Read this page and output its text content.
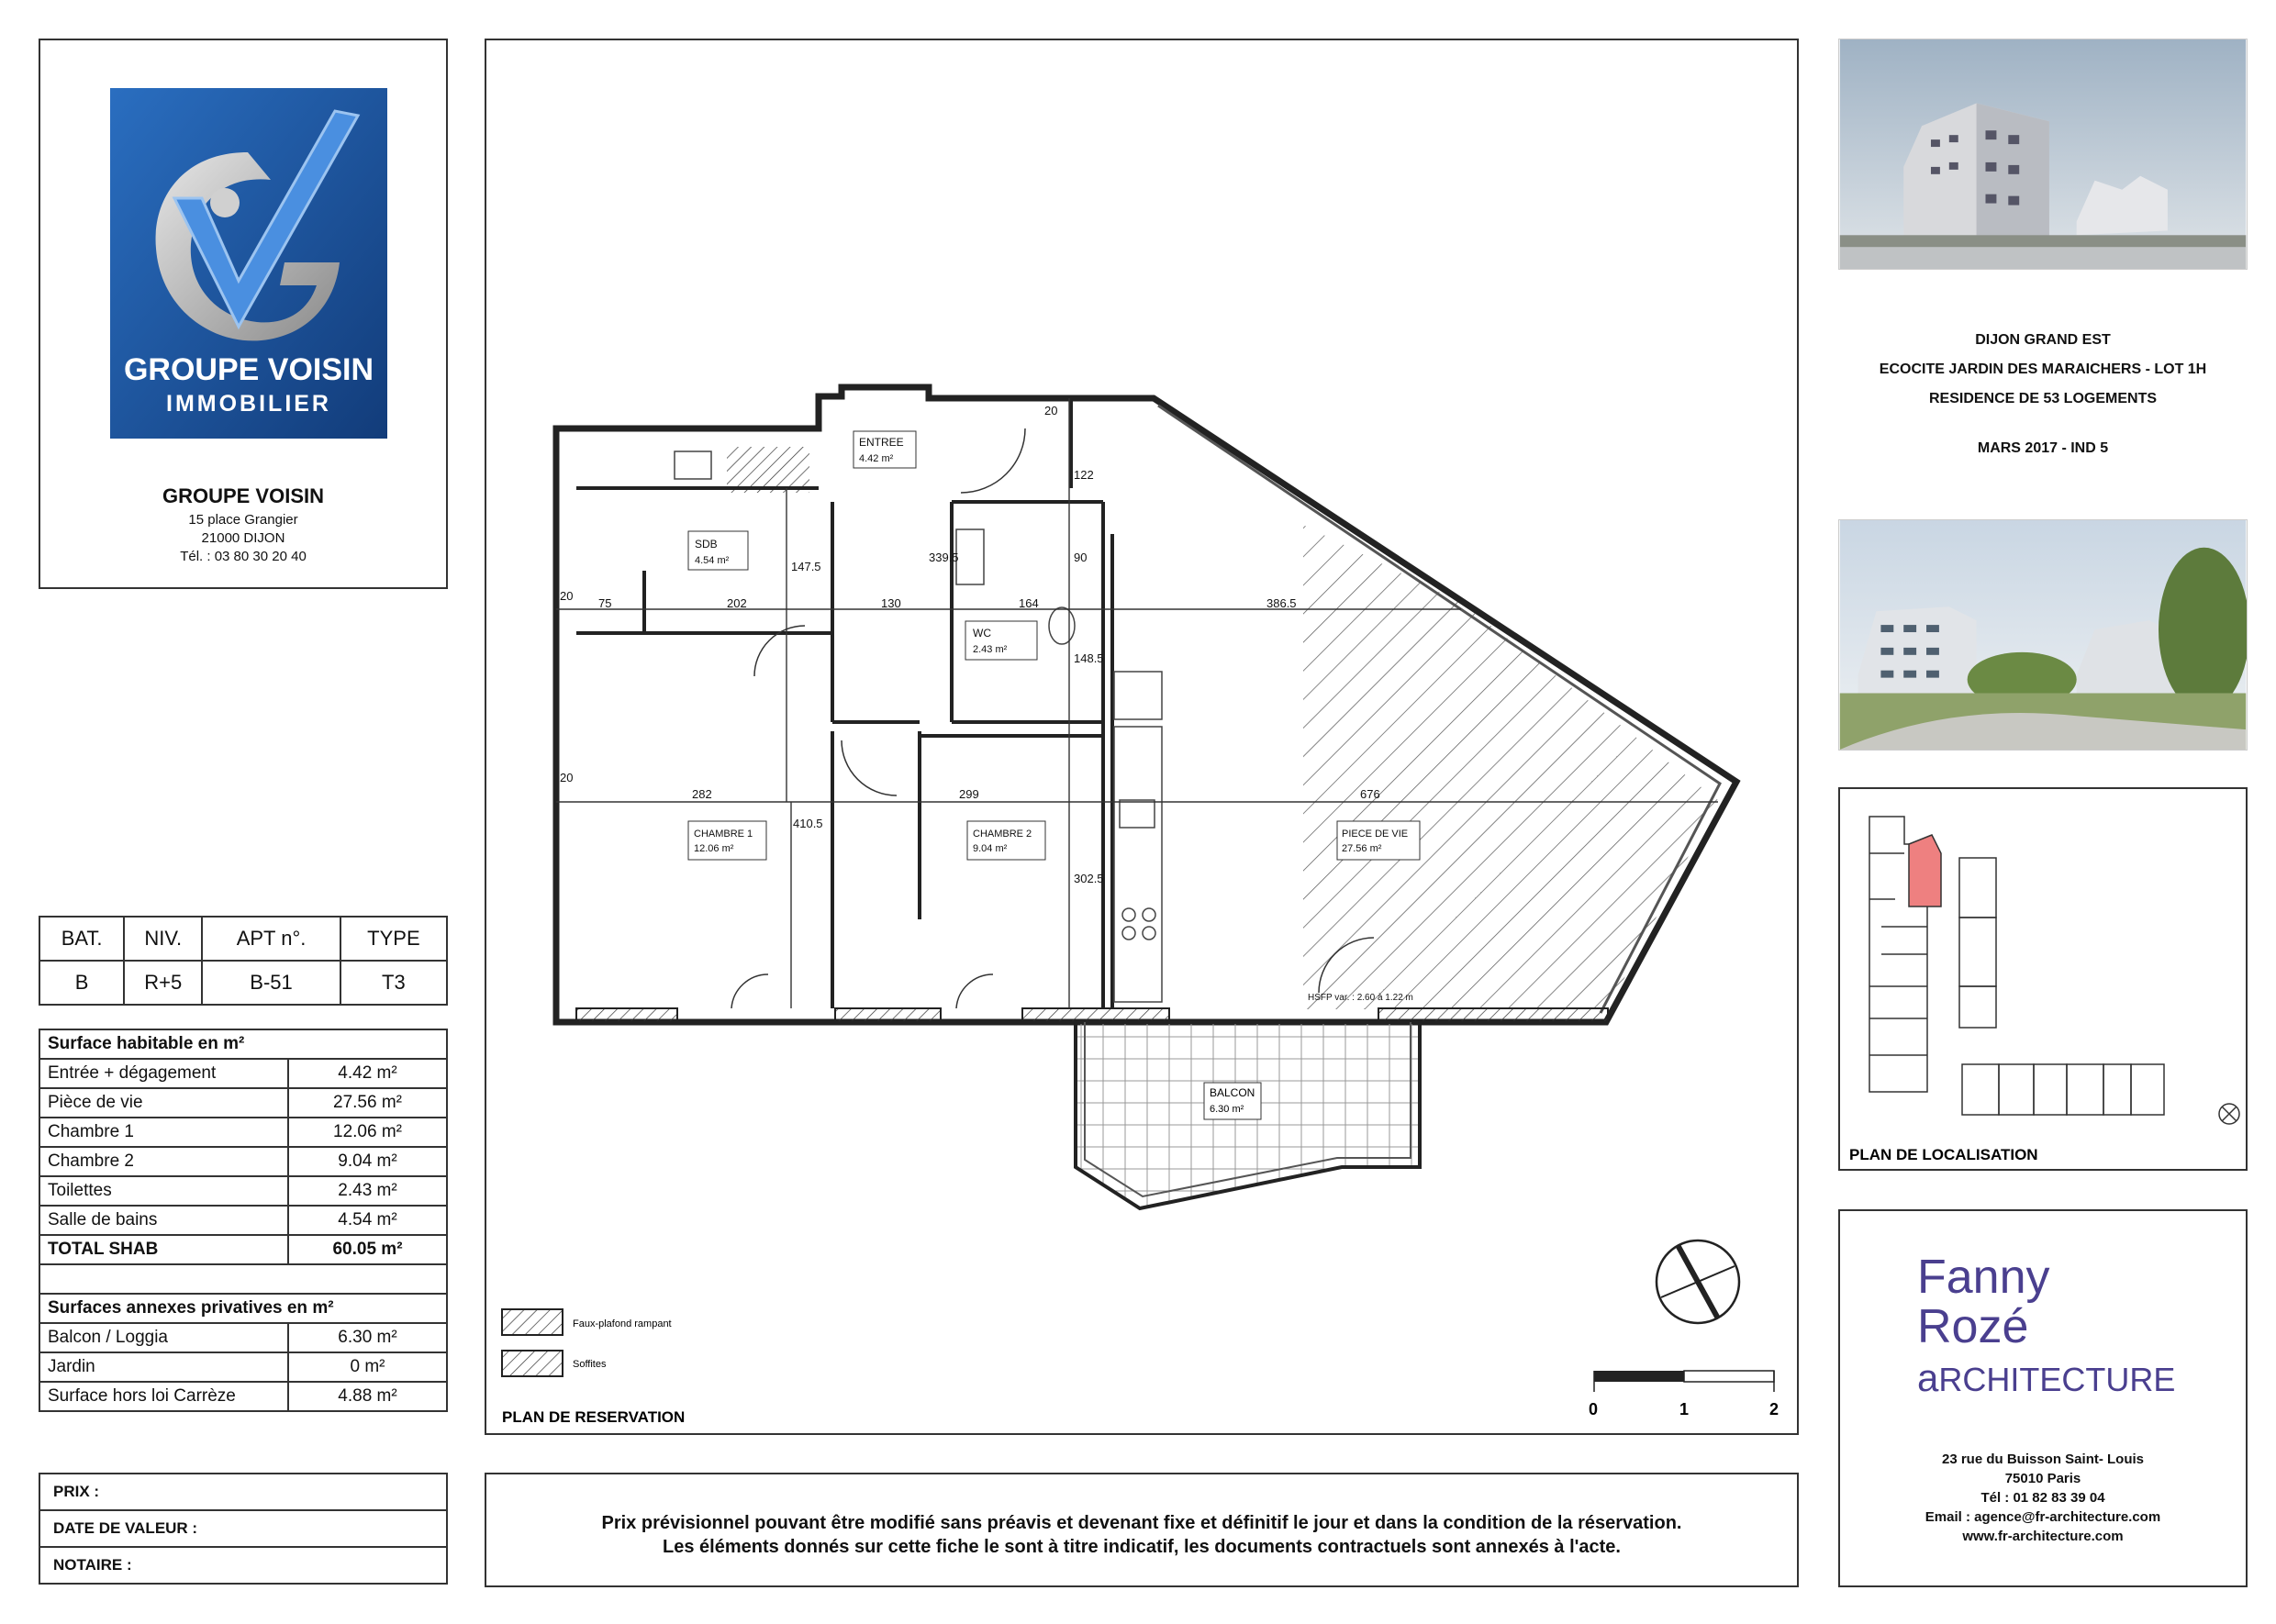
GROUPE VOISIN
IMMOBILIER
GROUPE VOISIN
15 place Grangier
21000 DIJON
Tél. : 03 80 30 20 40
BAT.	NIV.	APT n°.	TYPE
B	R+5	B-51	T3
Surface habitable en m²	
Entrée + dégagement	4.42 m²
Pièce de vie	27.56 m²
Chambre 1	12.06 m²
Chambre 2	9.04 m²
Toilettes	2.43 m²
Salle de bains	4.54 m²
TOTAL SHAB	60.05 m²

Surfaces annexes privatives en m²	
Balcon / Loggia	6.30 m²
Jardin	0 m²
Surface hors loi Carrèze	4.88 m²
PRIX :
DATE DE VALEUR :
NOTAIRE :
75	202	130	164	386.5
282	299	676
20
20
20
122
147.5
339.5	90
148.5
410.5
302.5
ENTREE
4.42 m²
SDB
4.54 m²
WC
2.43 m²
CHAMBRE 1
12.06 m²
CHAMBRE 2
9.04 m²
PIECE DE VIE
27.56 m²
HSFP var. : 2.60 à 1.22 m
BALCON
6.30 m²
Faux-plafond rampant
Soffites
0	1	2
PLAN DE RESERVATION
Prix prévisionnel pouvant être modifié sans préavis et devenant fixe et définitif le jour et dans la condition de la réservation.
Les éléments donnés sur cette fiche le sont à titre indicatif, les documents contractuels sont annexés à l'acte.
DIJON GRAND EST
ECOCITE JARDIN DES MARAICHERS - LOT 1H
RESIDENCE DE 53 LOGEMENTS
MARS 2017 - IND 5
PLAN DE LOCALISATION
Fanny
Rozé
aRCHITECTURE
23 rue du Buisson Saint- Louis
75010 Paris
Tél : 01 82 83 39 04
Email : agence@fr-architecture.com
www.fr-architecture.com
